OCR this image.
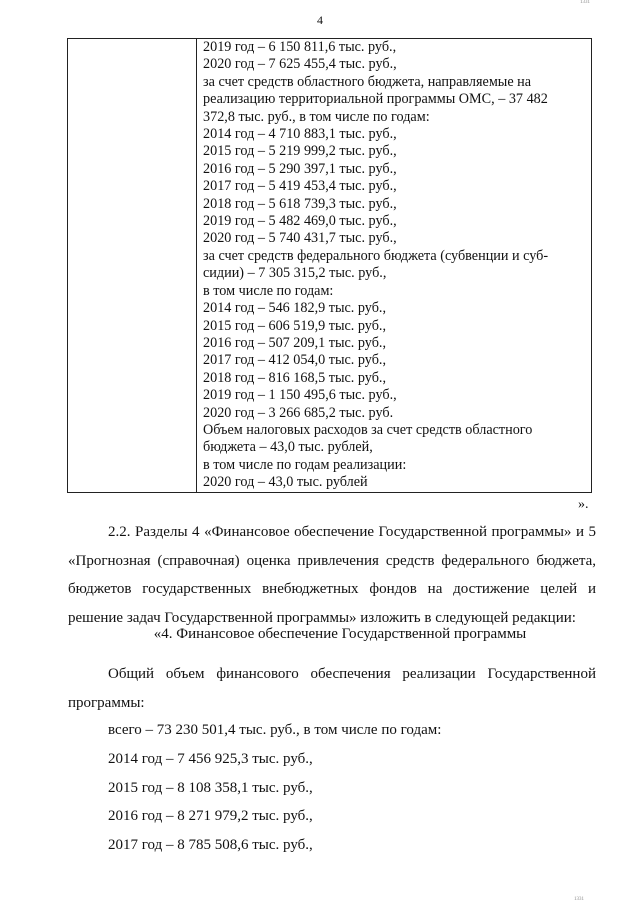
4
1331
1331

2019 год – 6 150 811,6 тыс. руб.,
2020 год – 7 625 455,4 тыс. руб.,
за счет средств областного бюджета, направляемые на
реализацию территориальной программы ОМС, – 37 482
372,8 тыс. руб., в том числе по годам:
2014 год – 4 710 883,1 тыс. руб.,
2015 год – 5 219 999,2 тыс. руб.,
2016 год – 5 290 397,1 тыс. руб.,
2017 год – 5 419 453,4 тыс. руб.,
2018 год – 5 618 739,3 тыс. руб.,
2019 год – 5 482 469,0 тыс. руб.,
2020 год – 5 740 431,7 тыс. руб.,
за счет средств федерального бюджета (субвенции и суб-
сидии) – 7 305 315,2 тыс. руб.,
в том числе по годам:
2014 год – 546 182,9 тыс. руб.,
2015 год – 606 519,9 тыс. руб.,
2016 год – 507 209,1 тыс. руб.,
2017 год – 412 054,0 тыс. руб.,
2018 год – 816 168,5 тыс. руб.,
2019 год – 1 150 495,6 тыс. руб.,
2020 год – 3 266 685,2 тыс. руб.
Объем налоговых расходов за счет средств областного
бюджета – 43,0 тыс. рублей,
в том числе по годам реализации:
2020 год – 43,0 тыс. рублей
».
2.2. Разделы 4 «Финансовое обеспечение Государственной программы» и 5 «Прогнозная (справочная) оценка привлечения средств федерального бюджета, бюджетов государственных внебюджетных фондов на достижение целей и решение задач Государственной программы» изложить в следующей редакции:
«4. Финансовое обеспечение Государственной программы
Общий объем финансового обеспечения реализации Государственной программы:
всего – 73 230 501,4 тыс. руб., в том числе по годам:
2014 год – 7 456 925,3 тыс. руб.,
2015 год – 8 108 358,1 тыс. руб.,
2016 год – 8 271 979,2 тыс. руб.,
2017 год – 8 785 508,6 тыс. руб.,
